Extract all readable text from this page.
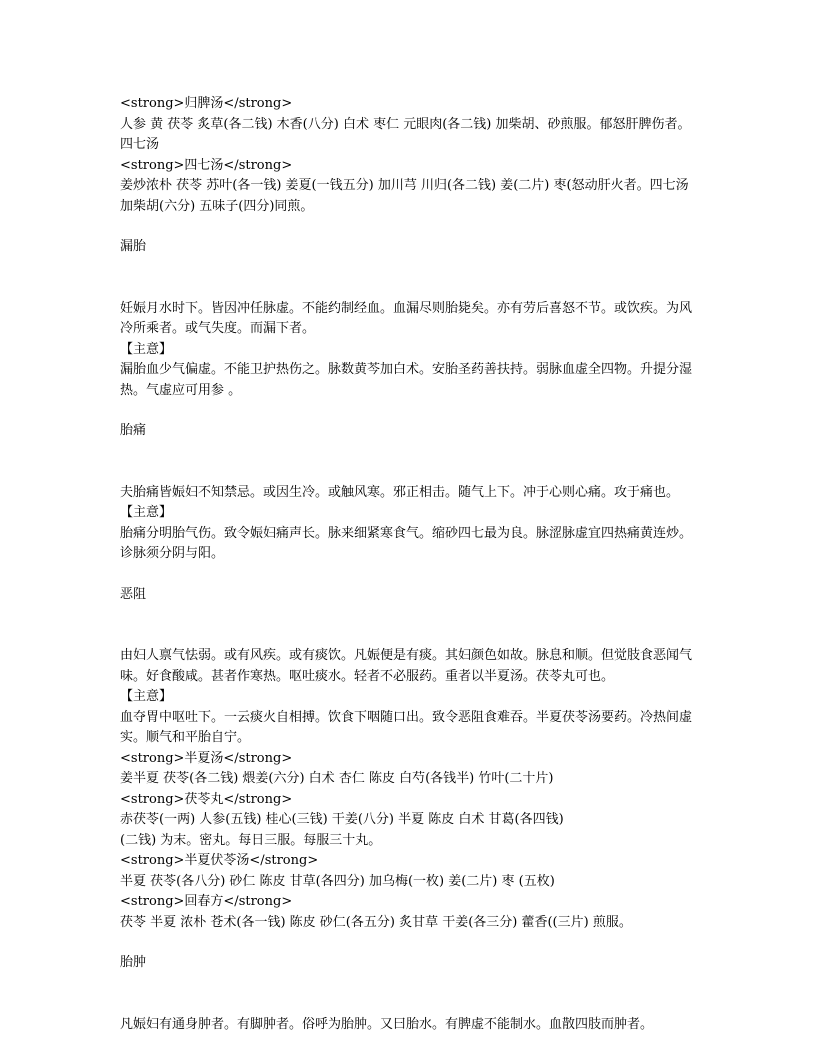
<strong>归脾汤</strong>

人参 黄 茯苓 炙草(各二钱) 木香(八分) 白术 枣仁 元眼肉(各二钱) 加柴胡、砂煎服。郁怒肝脾伤者。四七汤

<strong>四七汤</strong>

姜炒浓朴 茯苓 苏叶(各一钱) 姜夏(一钱五分) 加川芎 川归(各二钱) 姜(二片) 枣(怒动肝火者。四七汤加柴胡(六分) 五味子(四分)同煎。

漏胎

妊娠月水时下。皆因冲任脉虚。不能约制经血。血漏尽则胎毙矣。亦有劳后喜怒不节。或饮疾。为风冷所乘者。或气失度。而漏下者。

【主意】

漏胎血少气偏虚。不能卫护热伤之。脉数黄芩加白术。安胎圣药善扶持。弱脉血虚全四物。升提分湿热。气虚应可用参 。

胎痛

夫胎痛皆娠妇不知禁忌。或因生冷。或触风寒。邪正相击。随气上下。冲于心则心痛。攻于痛也。

【主意】

胎痛分明胎气伤。致令娠妇痛声长。脉来细紧寒食气。缩砂四七最为良。脉涩脉虚宜四热痛黄连炒。诊脉须分阴与阳。

恶阻

由妇人禀气怯弱。或有风疾。或有痰饮。凡娠便是有痰。其妇颜色如故。脉息和顺。但觉肢食恶闻气味。好食酸咸。甚者作寒热。呕吐痰水。轻者不必服药。重者以半夏汤。茯苓丸可也。

【主意】

血夺胃中呕吐下。一云痰火自相搏。饮食下咽随口出。致令恶阻食难吞。半夏茯苓汤要药。冷热间虚实。顺气和平胎自宁。

<strong>半夏汤</strong>

姜半夏 茯苓(各二钱) 煨姜(六分) 白术 杏仁 陈皮 白芍(各钱半) 竹叶(二十片)

<strong>茯苓丸</strong>

赤茯苓(一两) 人参(五钱) 桂心(三钱) 干姜(八分) 半夏 陈皮 白术 甘葛(各四钱)

(二钱) 为末。密丸。每日三服。每服三十丸。

<strong>半夏伏苓汤</strong>

半夏 茯苓(各八分) 砂仁 陈皮 甘草(各四分) 加乌梅(一枚) 姜(二片) 枣 (五枚)

<strong>回春方</strong>

茯苓 半夏 浓朴 苍术(各一钱) 陈皮 砂仁(各五分) 炙甘草 干姜(各三分) 藿香((三片) 煎服。

胎肿

凡娠妇有通身肿者。有脚肿者。俗呼为胎肿。又曰胎水。有脾虚不能制水。血散四肢而肿者。
